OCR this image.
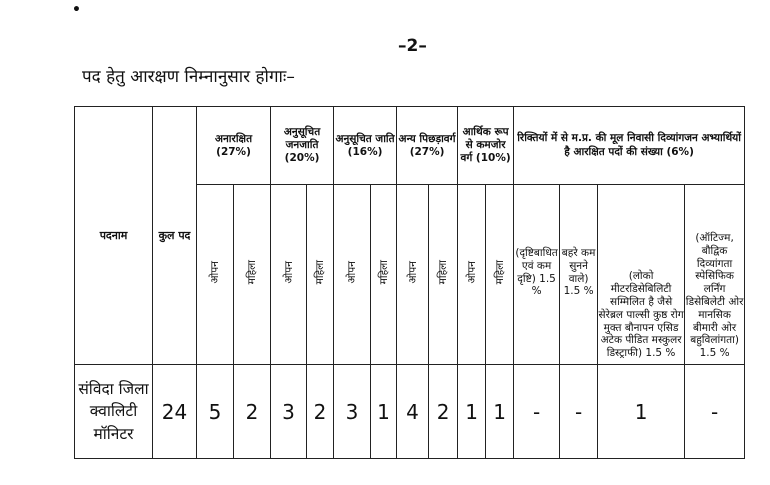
•
–2–
पद हेतु आरक्षण निम्नानुसार होगाः–
पदनाम	कुल पद	अनारक्षित (27%)		अनुसूचित जनजाति (20%)		अनुसूचित जाति (16%)		अन्य पिछड़ावर्ग (27%)		आर्थिक रूप से कमजोर वर्ग (10%)		रिक्तियों में से म.प्र. की मूल निवासी दिव्यांगजन अभ्यार्थियों है आरक्षित पदों की संख्या (6%)			
		ओपन	महिला	ओपन	महिला	ओपन	महिला	ओपन	महिला	ओपन	महिला	(दृष्टिबाधित एवं कम दृष्टि) 1.5 %	बहरे कम सुनने वाले) 1.5 %	(लोको मीटरडिसेबिलिटी सम्मिलित है जैसे सेरेब्रल पाल्सी कुष्ठ रोग मुक्त बौनापन एसिड अटेक पीडित मस्कुलर डिस्ट्राफी) 1.5 %	(ऑटिज्म, बौद्विक दिव्यांगता स्पेसिफिक लर्निंग डिसेबिलेटी ओर मानसिक बीमारी ओर बहुविलांगता) 1.5 %
संविदा जिला क्वालिटी मॉनिटर	24	5	2	3	2	3	1	4	2	1	1	-	-	1	-
